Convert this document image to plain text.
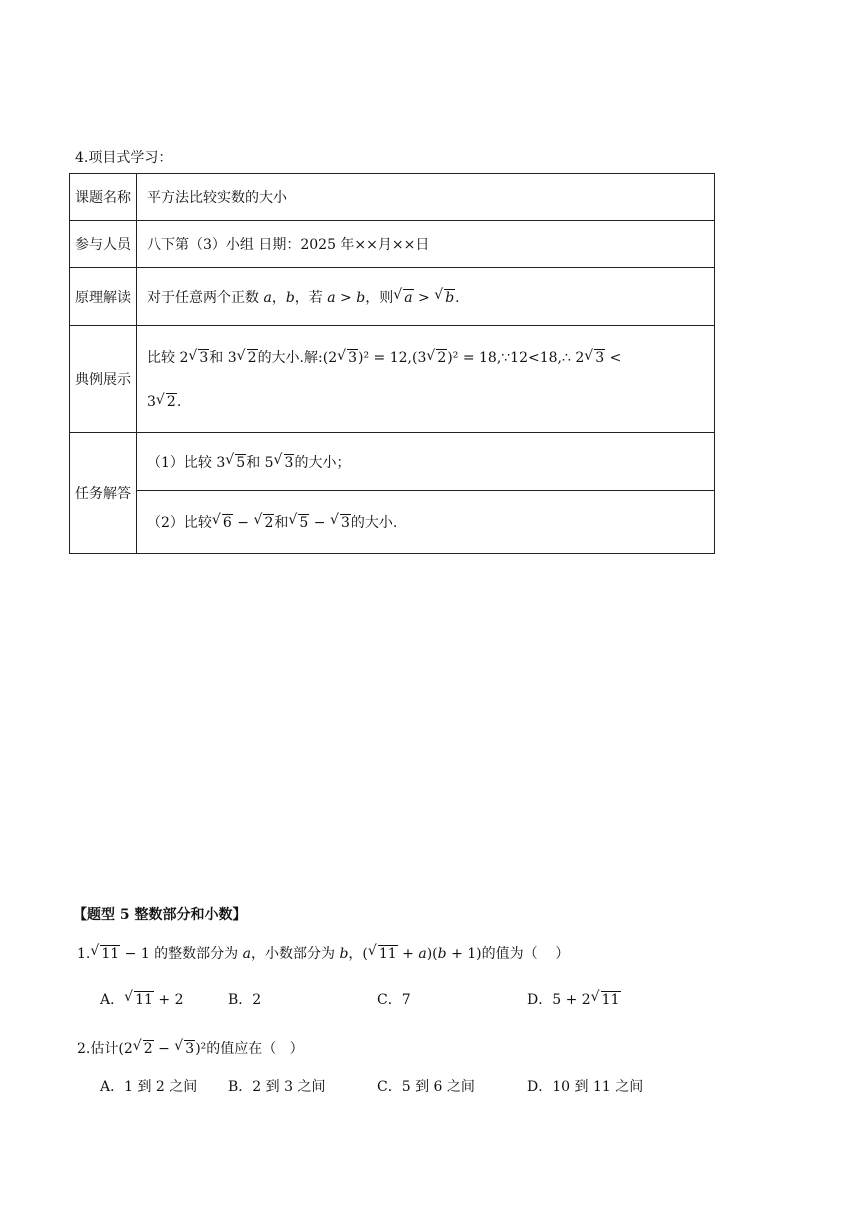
4.项目式学习：
课题名称	平方法比较实数的大小
参与人员	八下第（3）小组 日期：2025 年××月××日
原理解读	对于任意两个正数 a，b，若 a > b，则 √ a > √ b.
典例展示	比较 2 √ 3和 3 √ 2的大小.解:(2 √ 3)² = 12,(3 √ 2)² = 18,∵12<18,∴ 2 √ 3 <
3 √ 2.
任务解答	（1）比较 3 √ 5和 5 √ 3的大小；
	（2）比较 √ 6 − √ 2和 √ 5 − √ 3的大小.
【题型 5 整数部分和小数】
1. √ 11 − 1 的整数部分为 a，小数部分为 b，( √ 11 + a)(b + 1)的值为（    ）
A． √ 11 + 2	B．2	C．7	D．5 + 2 √ 11
2.估计(2 √ 2 − √ 3)²的值应在（   ）
A．1 到 2 之间 B．2 到 3 之间	C．5 到 6 之间	D．10 到 11 之间
